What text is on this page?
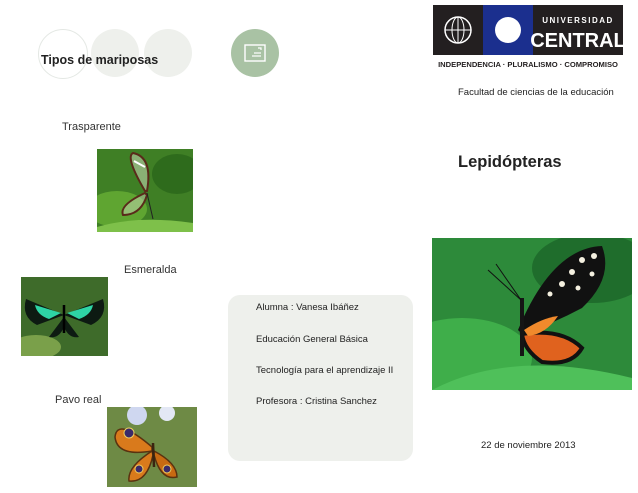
Tipos de mariposas
UNIVERSIDAD
CENTRAL
INDEPENDENCIA · PLURALISMO · COMPROMISO
Facultad de ciencias de la educación
Lepidópteras
Trasparente
Esmeralda
Pavo real
Alumna : Vanesa Ibáñez
Educación General Básica
Tecnología para el aprendizaje II
Profesora : Cristina Sanchez
22 de noviembre 2013
